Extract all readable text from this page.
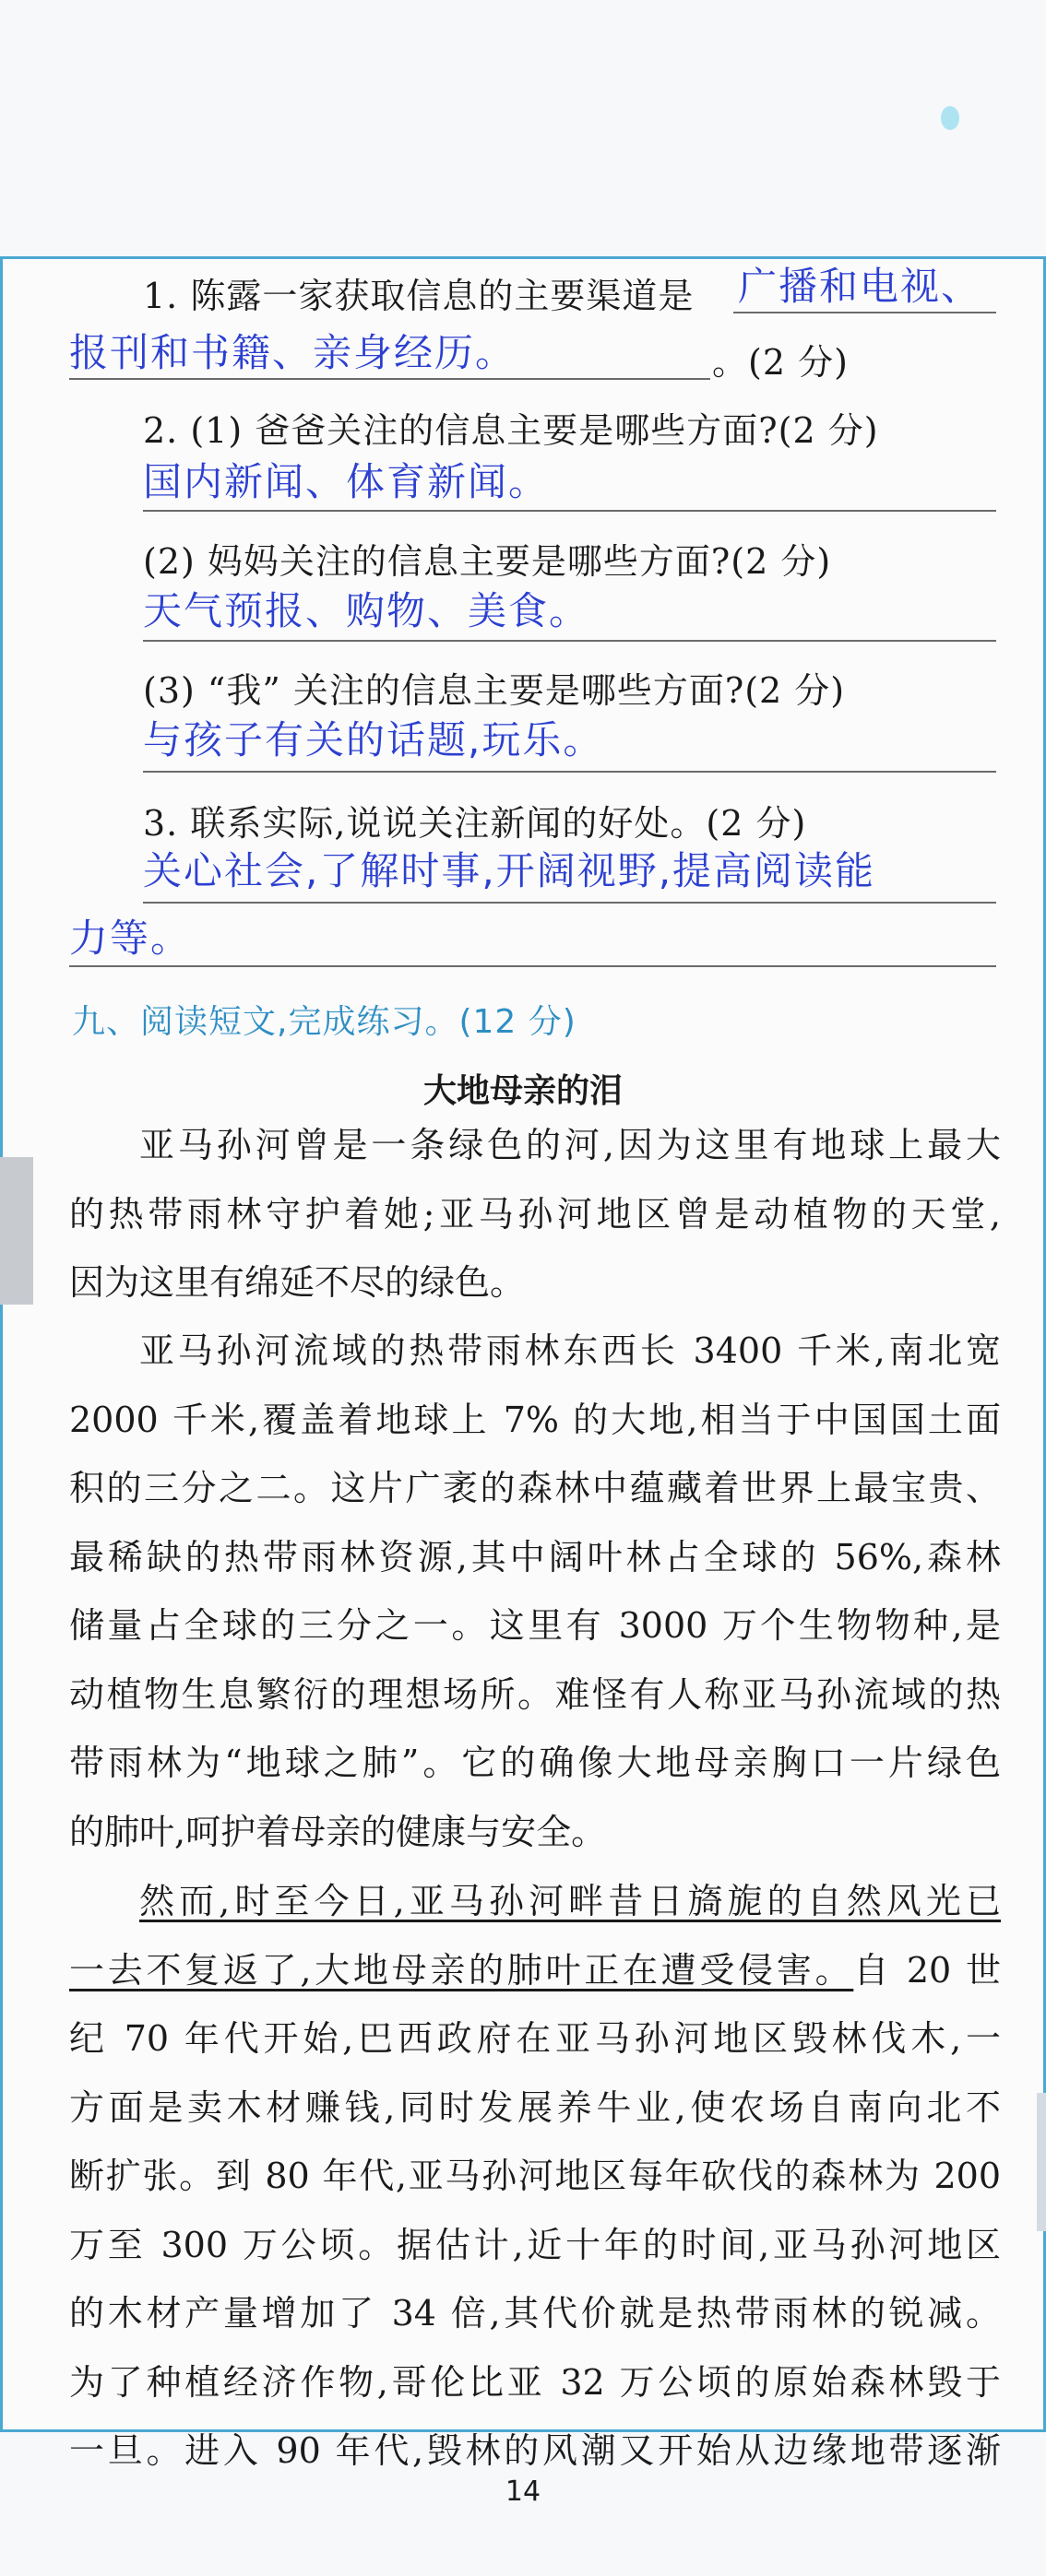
1. 陈露一家获取信息的主要渠道是 广播和电视、
报刊和书籍、亲身经历。	。(2 分)
2. (1) 爸爸关注的信息主要是哪些方面?(2 分)
国内新闻、体育新闻。
(2) 妈妈关注的信息主要是哪些方面?(2 分)
天气预报、购物、美食。
(3) “我” 关注的信息主要是哪些方面?(2 分)
与孩子有关的话题,玩乐。
3. 联系实际,说说关注新闻的好处。(2 分)
关心社会,了解时事,开阔视野,提高阅读能
力等。
九、阅读短文,完成练习。(12 分)
大地母亲的泪
亚马孙河曾是一条绿色的河,因为这里有地球上最大
的热带雨林守护着她;亚马孙河地区曾是动植物的天堂,
因为这里有绵延不尽的绿色。
亚马孙河流域的热带雨林东西长 3400 千米,南北宽
2000 千米,覆盖着地球上 7% 的大地,相当于中国国土面
积的三分之二。这片广袤的森林中蕴藏着世界上最宝贵、
最稀缺的热带雨林资源,其中阔叶林占全球的 56%,森林
储量占全球的三分之一。这里有 3000 万个生物物种,是
动植物生息繁衍的理想场所。难怪有人称亚马孙流域的热
带雨林为“地球之肺”。它的确像大地母亲胸口一片绿色
的肺叶,呵护着母亲的健康与安全。
然而,时至今日,亚马孙河畔昔日旖旎的自然风光已
一去不复返了,大地母亲的肺叶正在遭受侵害。自 20 世
纪 70 年代开始,巴西政府在亚马孙河地区毁林伐木,一
方面是卖木材赚钱,同时发展养牛业,使农场自南向北不
断扩张。到 80 年代,亚马孙河地区每年砍伐的森林为 200
万至 300 万公顷。据估计,近十年的时间,亚马孙河地区
的木材产量增加了 34 倍,其代价就是热带雨林的锐减。
为了种植经济作物,哥伦比亚 32 万公顷的原始森林毁于
一旦。进入 90 年代,毁林的风潮又开始从边缘地带逐渐
14
